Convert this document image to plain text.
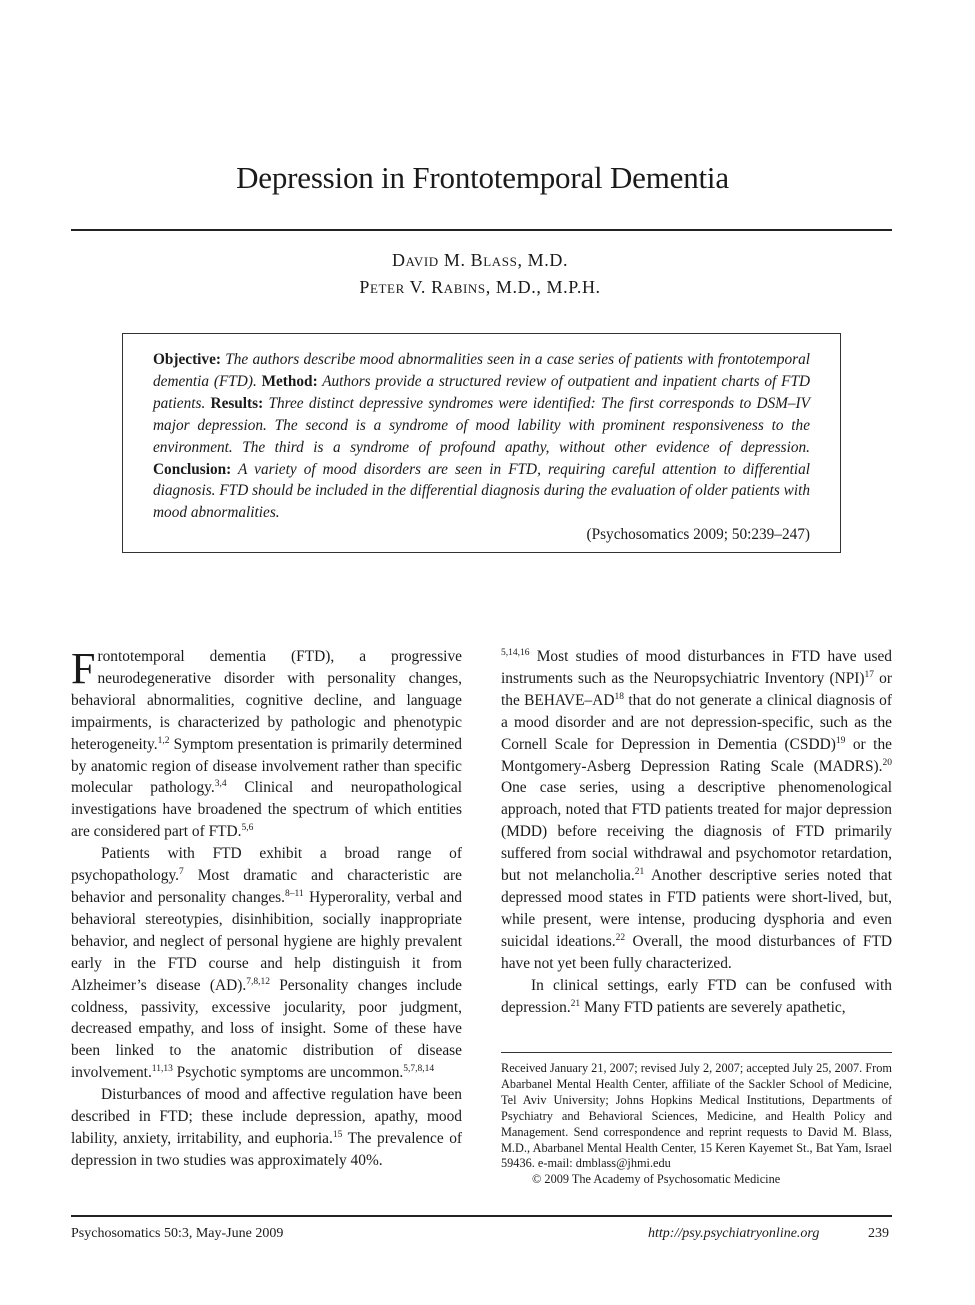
Depression in Frontotemporal Dementia
David M. Blass, M.D.
Peter V. Rabins, M.D., M.P.H.
Objective: The authors describe mood abnormalities seen in a case series of patients with frontotemporal dementia (FTD). Method: Authors provide a structured review of outpatient and inpatient charts of FTD patients. Results: Three distinct depressive syndromes were identified: The first corresponds to DSM–IV major depression. The second is a syndrome of mood lability with prominent responsiveness to the environment. The third is a syndrome of profound apathy, without other evidence of depression. Conclusion: A variety of mood disorders are seen in FTD, requiring careful attention to differential diagnosis. FTD should be included in the differential diagnosis during the evaluation of older patients with mood abnormalities.
(Psychosomatics 2009; 50:239–247)

Frontotemporal dementia (FTD), a progressive neurodegenerative disorder with personality changes, behavioral abnormalities, cognitive decline, and language impairments, is characterized by pathologic and phenotypic heterogeneity.$^{1,2}$ Symptom presentation is primarily determined by anatomic region of disease involvement rather than specific molecular pathology.$^{3,4}$ Clinical and neuropathological investigations have broadened the spectrum of which entities are considered part of FTD.$^{5,6}$

Patients with FTD exhibit a broad range of psychopathology.$^7$ Most dramatic and characteristic are behavior and personality changes.$^{8-11}$ Hyperorality, verbal and behavioral stereotypies, disinhibition, socially inappropriate behavior, and neglect of personal hygiene are highly prevalent early in the FTD course and help distinguish it from Alzheimer’s disease (AD).$^{7,8,12}$ Personality changes include coldness, passivity, excessive jocularity, poor judgment, decreased empathy, and loss of insight. Some of these have been linked to the anatomic distribution of disease involvement.$^{11,13}$ Psychotic symptoms are uncommon.$^{5,7,8,14}$

Disturbances of mood and affective regulation have been described in FTD; these include depression, apathy, mood lability, anxiety, irritability, and euphoria.$^{15}$ The prevalence of depression in two studies was approximately 40%.

$^{5,14,16}$ Most studies of mood disturbances in FTD have used instruments such as the Neuropsychiatric Inventory (NPI)$^{17}$ or the BEHAVE–AD$^{18}$ that do not generate a clinical diagnosis of a mood disorder and are not depression-specific, such as the Cornell Scale for Depression in Dementia (CSDD)$^{19}$ or the Montgomery-Asberg Depression Rating Scale (MADRS).$^{20}$ One case series, using a descriptive phenomenological approach, noted that FTD patients treated for major depression (MDD) before receiving the diagnosis of FTD primarily suffered from social withdrawal and psychomotor retardation, but not melancholia.$^{21}$ Another descriptive series noted that depressed mood states in FTD patients were short-lived, but, while present, were intense, producing dysphoria and even suicidal ideations.$^{22}$ Overall, the mood disturbances of FTD have not yet been fully characterized.

In clinical settings, early FTD can be confused with depression.$^{21}$ Many FTD patients are severely apathetic,

Received January 21, 2007; revised July 2, 2007; accepted July 25, 2007. From Abarbanel Mental Health Center, affiliate of the Sackler School of Medicine, Tel Aviv University; Johns Hopkins Medical Institutions, Departments of Psychiatry and Behavioral Sciences, Medicine, and Health Policy and Management. Send correspondence and reprint requests to David M. Blass, M.D., Abarbanel Mental Health Center, 15 Keren Kayemet St., Bat Yam, Israel 59436. e-mail: dmblass@jhmi.edu

© 2009 The Academy of Psychosomatic Medicine

Psychosomatics 50:3, May-June 2009	http://psy.psychiatryonline.org	239
